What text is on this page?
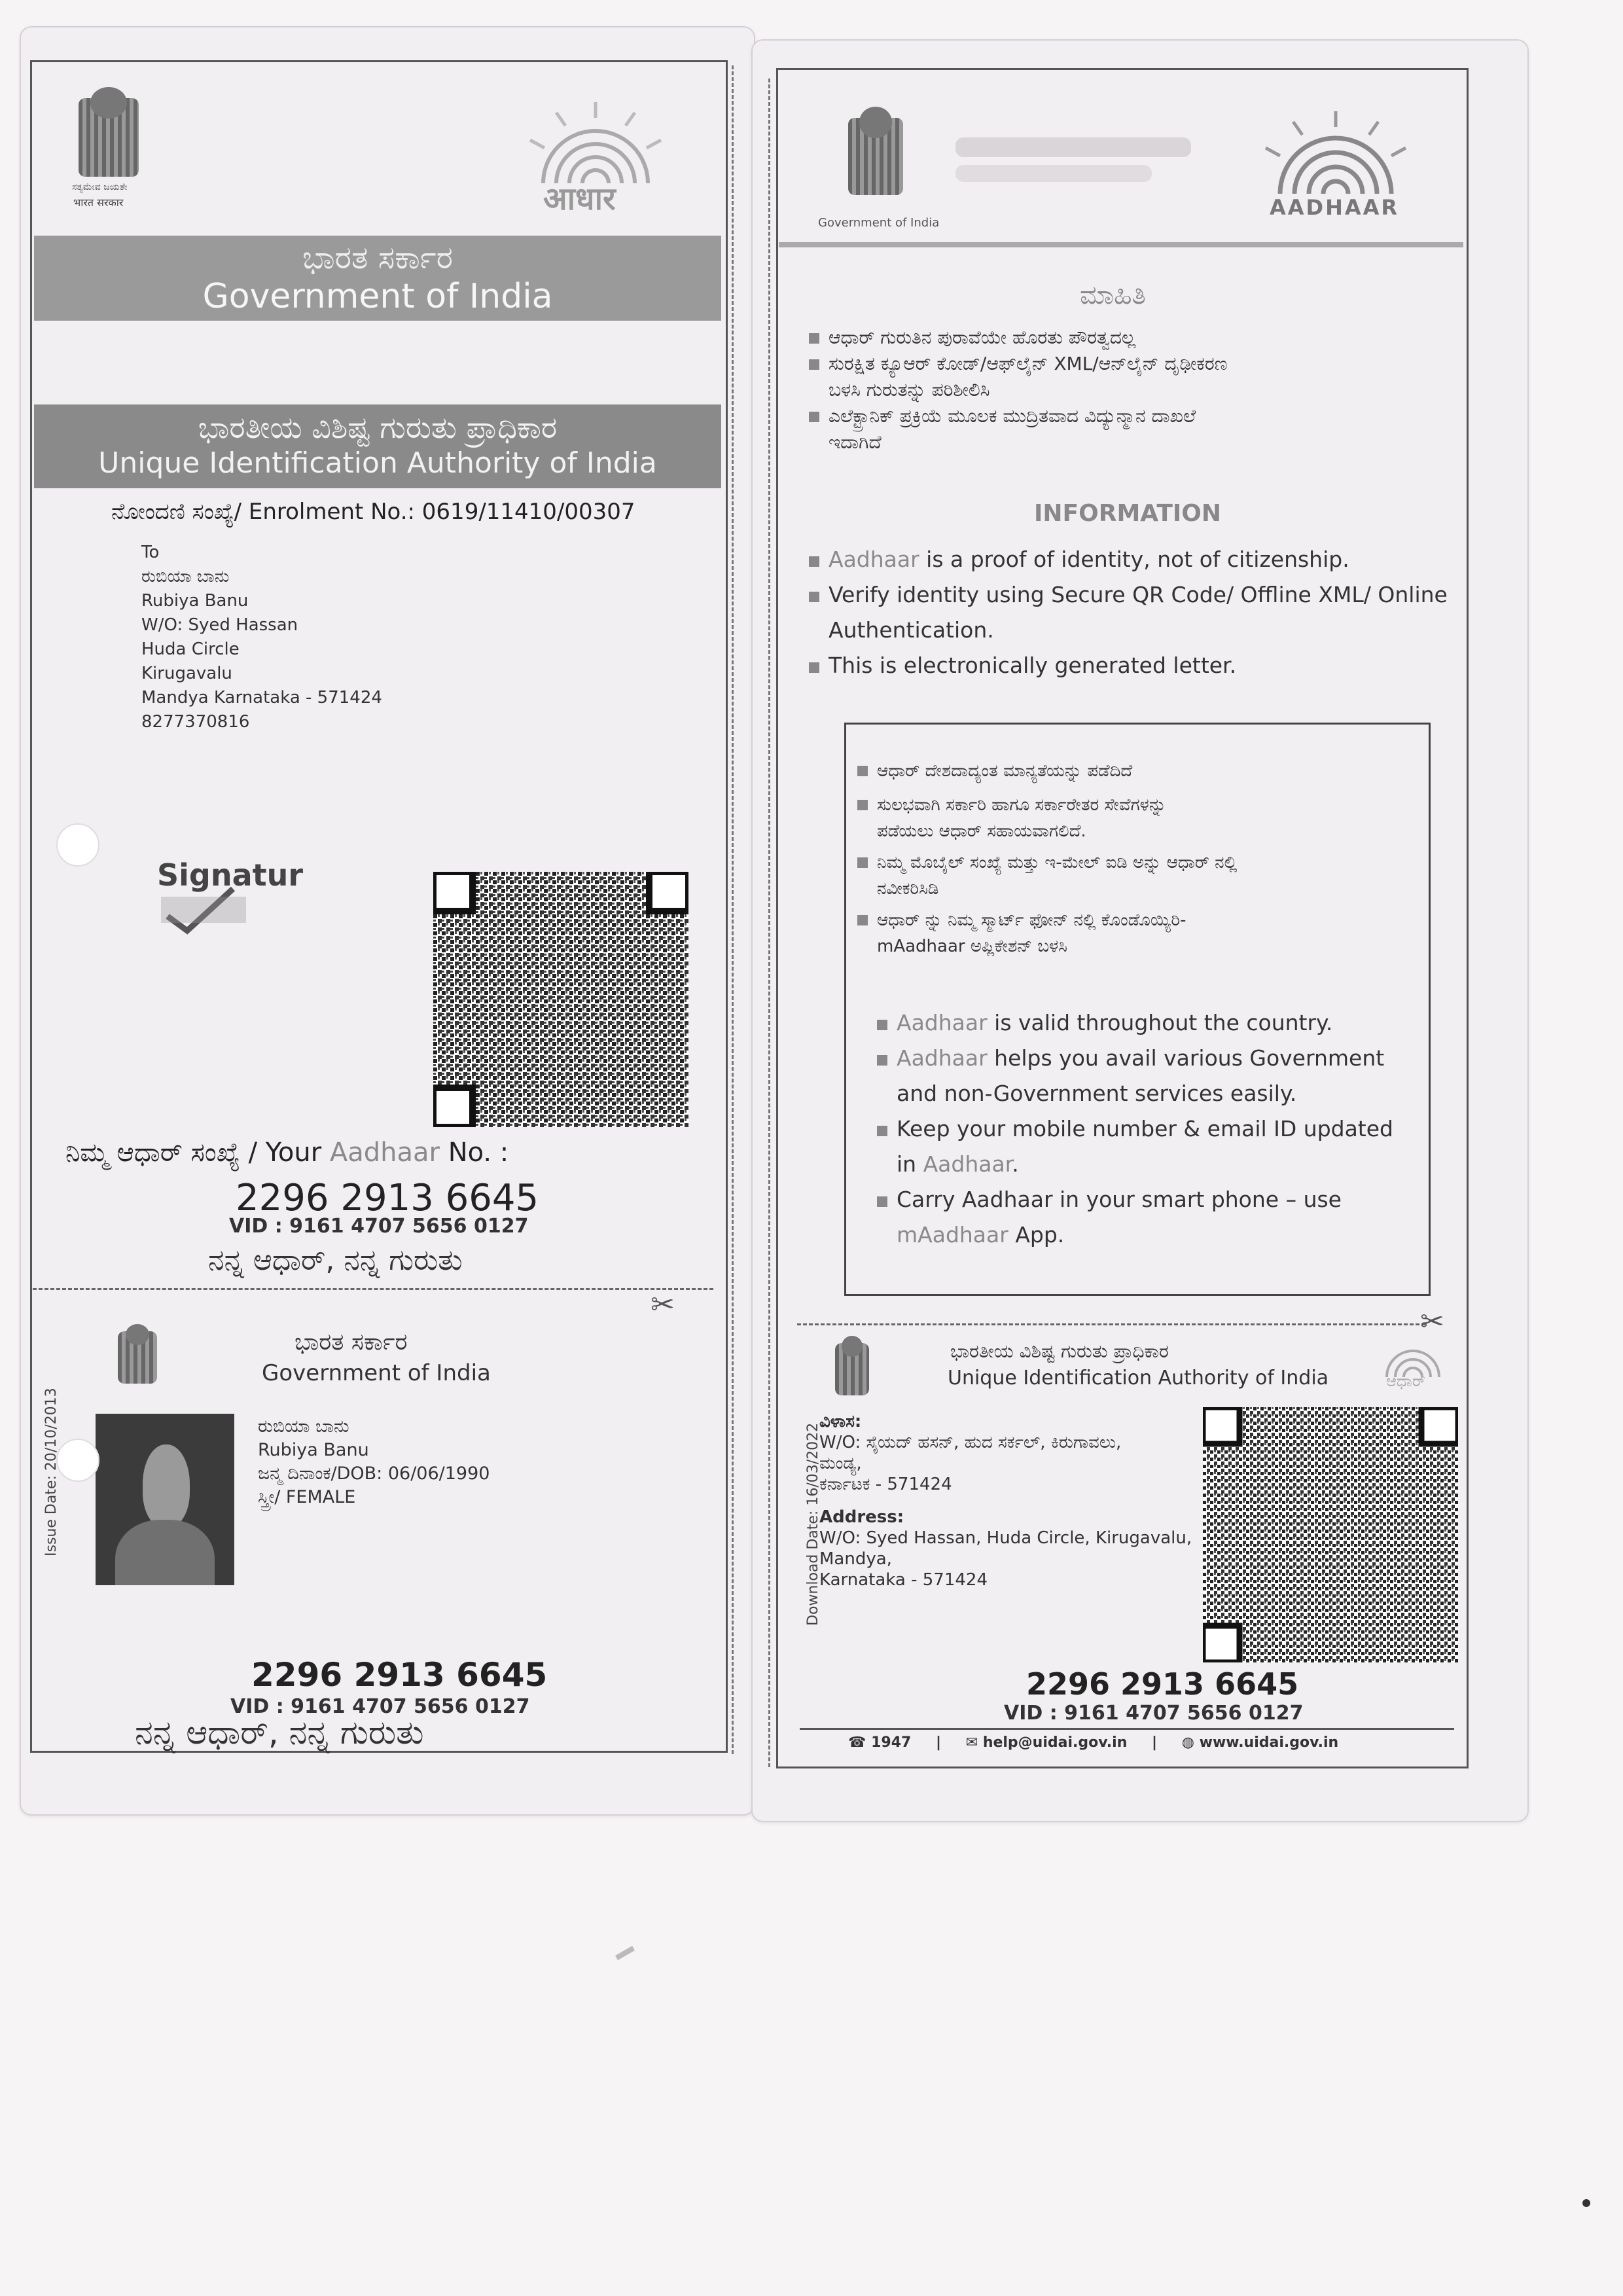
ಸತ್ಯಮೇವ ಜಯತೇ
भारत सरकार	आधार
ಭಾರತ ಸರ್ಕಾರ
Government of India
ಭಾರತೀಯ ವಿಶಿಷ್ಟ ಗುರುತು ಪ್ರಾಧಿಕಾರ
Unique Identification Authority of India
ನೋಂದಣಿ ಸಂಖ್ಯೆ/ Enrolment No.: 0619/11410/00307
To
ರುಬಿಯಾ ಬಾನು
Rubiya Banu
W/O: Syed Hassan
Huda Circle
Kirugavalu
Mandya Karnataka - 571424
8277370816
Signatur
ನಿಮ್ಮ ಆಧಾರ್ ಸಂಖ್ಯೆ / Your Aadhaar No. :
2296 2913 6645
VID : 9161 4707 5656 0127
ನನ್ನ ಆಧಾರ್, ನನ್ನ ಗುರುತು
✂
ಭಾರತ ಸರ್ಕಾರ
Government of India
ರುಬಿಯಾ ಬಾನು
Rubiya Banu
ಜನ್ಮ ದಿನಾಂಕ/DOB: 06/06/1990
ಸ್ತ್ರೀ/ FEMALE
Issue Date: 20/10/2013
2296 2913 6645
VID : 9161 4707 5656 0127
ನನ್ನ ಆಧಾರ್, ನನ್ನ ಗುರುತು
Government of India
AADHAAR
ಮಾಹಿತಿ
ಆಧಾರ್ ಗುರುತಿನ ಪುರಾವೆಯೇ ಹೊರತು ಪೌರತ್ವದಲ್ಲ
ಸುರಕ್ಷಿತ ಕ್ಯೂಆರ್ ಕೋಡ್/ಆಫ್‌ಲೈನ್ XML/ಆನ್‌ಲೈನ್ ದೃಢೀಕರಣ
ಬಳಸಿ ಗುರುತನ್ನು ಪರಿಶೀಲಿಸಿ
ಎಲೆಕ್ಟ್ರಾನಿಕ್ ಪ್ರಕ್ರಿಯೆ ಮೂಲಕ ಮುದ್ರಿತವಾದ ವಿದ್ಯುನ್ಮಾನ ದಾಖಲೆ
ಇದಾಗಿದೆ
INFORMATION
Aadhaar is a proof of identity, not of citizenship.
Verify identity using Secure QR Code/ Offline XML/ Online
Authentication.
This is electronically generated letter.
ಆಧಾರ್ ದೇಶದಾದ್ಯಂತ ಮಾನ್ಯತೆಯನ್ನು ಪಡೆದಿದೆ
ಸುಲಭವಾಗಿ ಸರ್ಕಾರಿ ಹಾಗೂ ಸರ್ಕಾರೇತರ ಸೇವೆಗಳನ್ನು
ಪಡೆಯಲು ಆಧಾರ್ ಸಹಾಯವಾಗಲಿದೆ.
ನಿಮ್ಮ ಮೊಬೈಲ್ ಸಂಖ್ಯೆ ಮತ್ತು ಇ-ಮೇಲ್ ಐಡಿ ಅನ್ನು ಆಧಾರ್ ನಲ್ಲಿ
ನವೀಕರಿಸಿಡಿ
ಆಧಾರ್ ನ್ನು ನಿಮ್ಮ ಸ್ಮಾರ್ಟ್ ಫೋನ್ ನಲ್ಲಿ ಕೊಂಡೊಯ್ಯಿರಿ-
mAadhaar ಅಪ್ಲಿಕೇಶನ್ ಬಳಸಿ
Aadhaar is valid throughout the country.
Aadhaar helps you avail various Government
and non-Government services easily.
Keep your mobile number & email ID updated
in Aadhaar.
Carry Aadhaar in your smart phone – use
mAadhaar App.
✂
ಭಾರತೀಯ ವಿಶಿಷ್ಟ ಗುರುತು ಪ್ರಾಧಿಕಾರ
Unique Identification Authority of India	ಆಧಾರ್
Download Date: 16/03/2022
ವಿಳಾಸ:
W/O: ಸೈಯದ್ ಹಸನ್, ಹುದ ಸರ್ಕಲ್, ಕಿರುಗಾವಲು,
ಮಂಡ್ಯ,
ಕರ್ನಾಟಕ - 571424
Address:
W/O: Syed Hassan, Huda Circle, Kirugavalu,
Mandya,
Karnataka - 571424
2296 2913 6645
VID : 9161 4707 5656 0127
☎ 1947 | ✉ help@uidai.gov.in | ◍ www.uidai.gov.in
